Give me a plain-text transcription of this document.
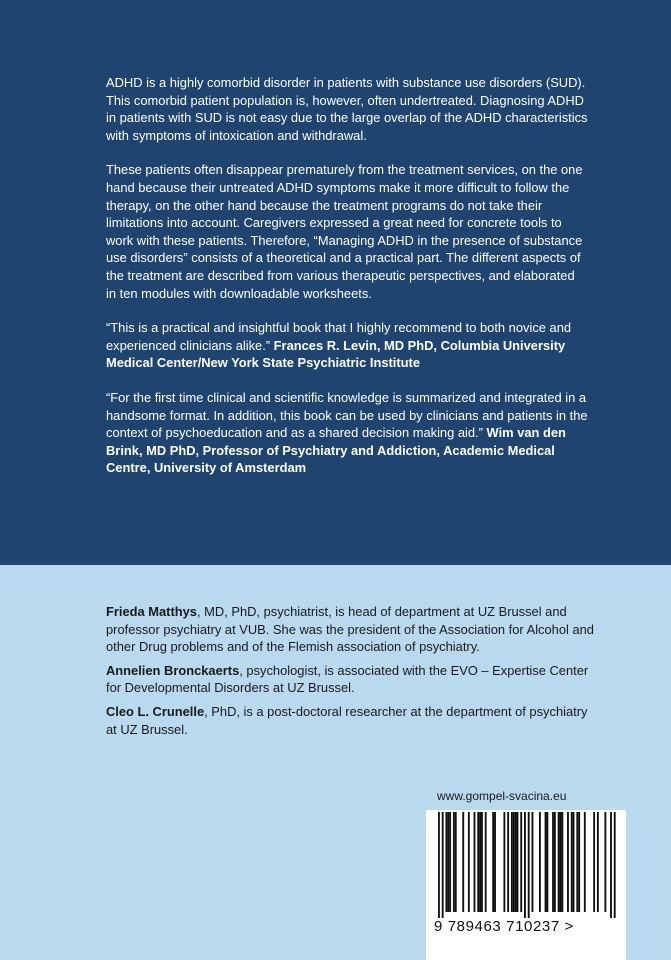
ADHD is a highly comorbid disorder in patients with substance use disorders (SUD). This comorbid patient population is, however, often undertreated. Diagnosing ADHD in patients with SUD is not easy due to the large overlap of the ADHD characteristics with symptoms of intoxication and withdrawal.

These patients often disappear prematurely from the treatment services, on the one hand because their untreated ADHD symptoms make it more difficult to follow the therapy, on the other hand because the treatment programs do not take their limitations into account. Caregivers expressed a great need for concrete tools to work with these patients. Therefore, “Managing ADHD in the presence of substance use disorders” consists of a theoretical and a practical part. The different aspects of the treatment are described from various therapeutic perspectives, and elaborated in ten modules with downloadable worksheets.

“This is a practical and insightful book that I highly recommend to both novice and experienced clinicians alike.” Frances R. Levin, MD PhD, Columbia University Medical Center/New York State Psychiatric Institute

“For the first time clinical and scientific knowledge is summarized and integrated in a handsome format. In addition, this book can be used by clinicians and patients in the context of psychoeducation and as a shared decision making aid.” Wim van den Brink, MD PhD, Professor of Psychiatry and Addiction, Academic Medical Centre, University of Amsterdam

Frieda Matthys, MD, PhD, psychiatrist, is head of department at UZ Brussel and professor psychiatry at VUB. She was the president of the Association for Alcohol and other Drug problems and of the Flemish association of psychiatry.

Annelien Bronckaerts, psychologist, is associated with the EVO – Expertise Center for Developmental Disorders at UZ Brussel.

Cleo L. Crunelle, PhD, is a post-doctoral researcher at the department of psychiatry at UZ Brussel.

www.gompel-svacina.eu
9 789463 710237 >
